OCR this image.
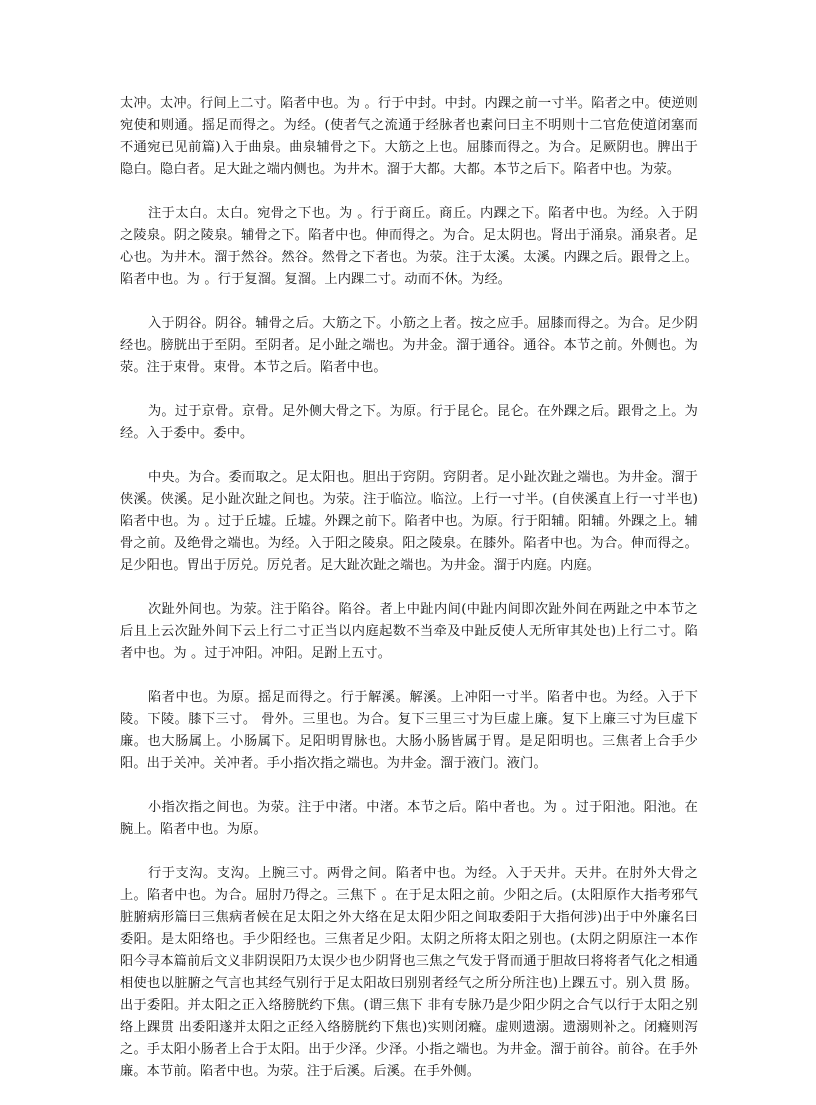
太冲。太冲。行间上二寸。陷者中也。为 。行于中封。中封。内踝之前一寸半。陷者之中。使逆则宛使和则通。摇足而得之。为经。(使者气之流通于经脉者也素问曰主不明则十二官危使道闭塞而不通宛已见前篇)入于曲泉。曲泉辅骨之下。大筋之上也。屈膝而得之。为合。足厥阴也。脾出于隐白。隐白者。足大趾之端内侧也。为井木。溜于大都。大都。本节之后下。陷者中也。为荥。

注于太白。太白。宛骨之下也。为 。行于商丘。商丘。内踝之下。陷者中也。为经。入于阴之陵泉。阴之陵泉。辅骨之下。陷者中也。伸而得之。为合。足太阴也。肾出于涌泉。涌泉者。足心也。为井木。溜于然谷。然谷。然骨之下者也。为荥。注于太溪。太溪。内踝之后。跟骨之上。陷者中也。为 。行于复溜。复溜。上内踝二寸。动而不休。为经。

入于阴谷。阴谷。辅骨之后。大筋之下。小筋之上者。按之应手。屈膝而得之。为合。足少阴经也。膀胱出于至阴。至阴者。足小趾之端也。为井金。溜于通谷。通谷。本节之前。外侧也。为荥。注于束骨。束骨。本节之后。陷者中也。

为。过于京骨。京骨。足外侧大骨之下。为原。行于昆仑。昆仑。在外踝之后。跟骨之上。为经。入于委中。委中。

中央。为合。委而取之。足太阳也。胆出于窍阴。窍阴者。足小趾次趾之端也。为井金。溜于侠溪。侠溪。足小趾次趾之间也。为荥。注于临泣。临泣。上行一寸半。(自侠溪直上行一寸半也)陷者中也。为 。过于丘墟。丘墟。外踝之前下。陷者中也。为原。行于阳辅。阳辅。外踝之上。辅骨之前。及绝骨之端也。为经。入于阳之陵泉。阳之陵泉。在膝外。陷者中也。为合。伸而得之。足少阳也。胃出于厉兑。厉兑者。足大趾次趾之端也。为井金。溜于内庭。内庭。

次趾外间也。为荥。注于陷谷。陷谷。者上中趾内间(中趾内间即次趾外间在两趾之中本节之后且上云次趾外间下云上行二寸正当以内庭起数不当牵及中趾反使人无所审其处也)上行二寸。陷者中也。为 。过于冲阳。冲阳。足跗上五寸。

陷者中也。为原。摇足而得之。行于解溪。解溪。上冲阳一寸半。陷者中也。为经。入于下陵。下陵。膝下三寸。 骨外。三里也。为合。复下三里三寸为巨虚上廉。复下上廉三寸为巨虚下廉。也大肠属上。小肠属下。足阳明胃脉也。大肠小肠皆属于胃。是足阳明也。三焦者上合手少阳。出于关冲。关冲者。手小指次指之端也。为井金。溜于液门。液门。

小指次指之间也。为荥。注于中渚。中渚。本节之后。陷中者也。为 。过于阳池。阳池。在腕上。陷者中也。为原。

行于支沟。支沟。上腕三寸。两骨之间。陷者中也。为经。入于天井。天井。在肘外大骨之上。陷者中也。为合。屈肘乃得之。三焦下 。在于足太阳之前。少阳之后。(太阳原作大指考邪气脏腑病形篇曰三焦病者候在足太阳之外大络在足太阳少阳之间取委阳于大指何涉)出于中外廉名曰委阳。是太阳络也。手少阳经也。三焦者足少阳。太阴之所将太阳之别也。(太阴之阴原注一本作阳今寻本篇前后文义非阴误阳乃太误少也少阴肾也三焦之气发于肾而通于胆故曰将将者气化之相通相使也以脏腑之气言也其经气别行于足太阳故曰别别者经气之所分所注也)上踝五寸。别入贯 肠。出于委阳。并太阳之正入络膀胱约下焦。(谓三焦下 非有专脉乃是少阳少阴之合气以行于太阳之别络上踝贯 出委阳遂并太阳之正经入络膀胱约下焦也)实则闭癃。虚则遗溺。遗溺则补之。闭癃则泻之。手太阳小肠者上合于太阳。出于少泽。少泽。小指之端也。为井金。溜于前谷。前谷。在手外廉。本节前。陷者中也。为荥。注于后溪。后溪。在手外侧。
